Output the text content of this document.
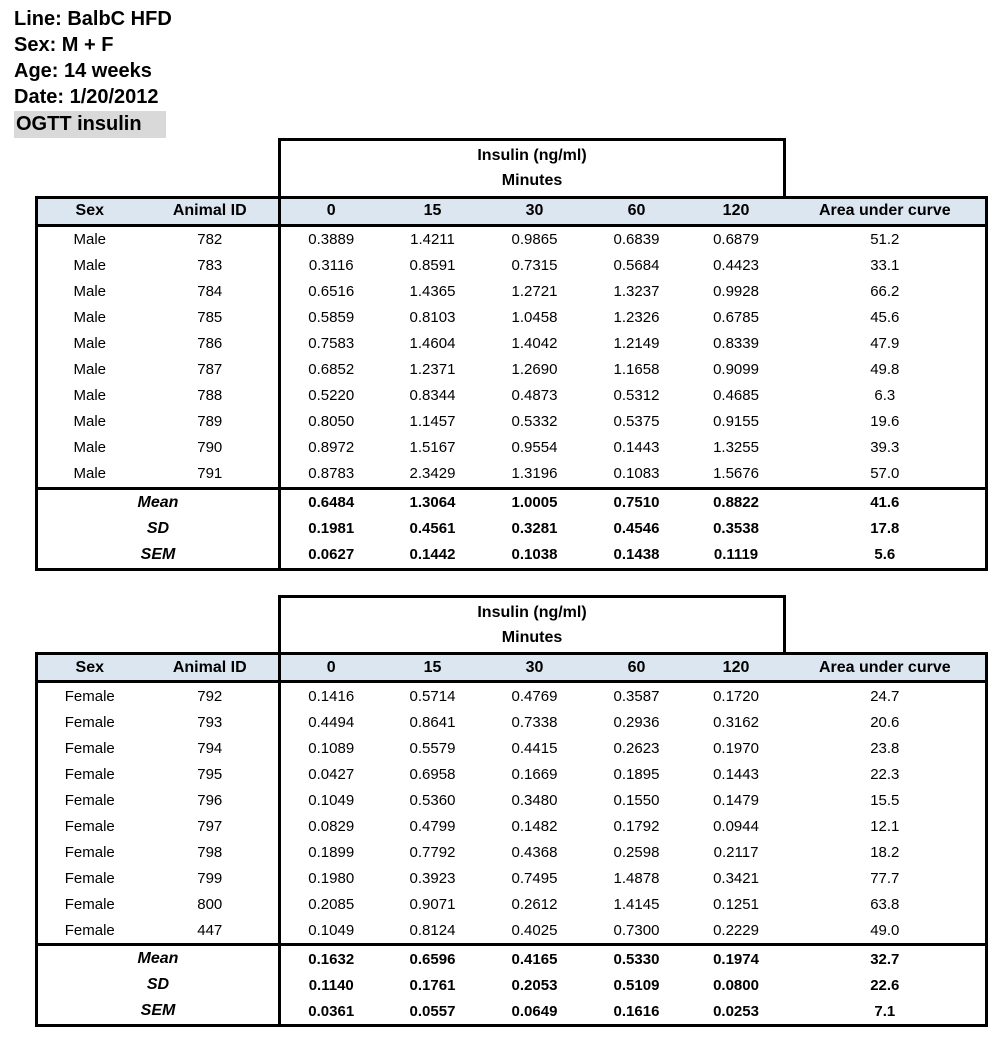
Line: BalbC HFD
Sex: M + F
Age: 14 weeks
Date: 1/20/2012
OGTT insulin

		Insulin (ng/ml)
Minutes					

Sex	Animal ID	0	15	30	60	120	Area under curve
Male	782	0.3889	1.4211	0.9865	0.6839	0.6879	51.2
Male	783	0.3116	0.8591	0.7315	0.5684	0.4423	33.1
Male	784	0.6516	1.4365	1.2721	1.3237	0.9928	66.2
Male	785	0.5859	0.8103	1.0458	1.2326	0.6785	45.6
Male	786	0.7583	1.4604	1.4042	1.2149	0.8339	47.9
Male	787	0.6852	1.2371	1.2690	1.1658	0.9099	49.8
Male	788	0.5220	0.8344	0.4873	0.5312	0.4685	6.3
Male	789	0.8050	1.1457	0.5332	0.5375	0.9155	19.6
Male	790	0.8972	1.5167	0.9554	0.1443	1.3255	39.3
Male	791	0.8783	2.3429	1.3196	0.1083	1.5676	57.0
Mean		0.6484	1.3064	1.0005	0.7510	0.8822	41.6
SD		0.1981	0.4561	0.3281	0.4546	0.3538	17.8
SEM		0.0627	0.1442	0.1038	0.1438	0.1119	5.6

		Insulin (ng/ml)
Minutes					

Sex	Animal ID	0	15	30	60	120	Area under curve
Female	792	0.1416	0.5714	0.4769	0.3587	0.1720	24.7
Female	793	0.4494	0.8641	0.7338	0.2936	0.3162	20.6
Female	794	0.1089	0.5579	0.4415	0.2623	0.1970	23.8
Female	795	0.0427	0.6958	0.1669	0.1895	0.1443	22.3
Female	796	0.1049	0.5360	0.3480	0.1550	0.1479	15.5
Female	797	0.0829	0.4799	0.1482	0.1792	0.0944	12.1
Female	798	0.1899	0.7792	0.4368	0.2598	0.2117	18.2
Female	799	0.1980	0.3923	0.7495	1.4878	0.3421	77.7
Female	800	0.2085	0.9071	0.2612	1.4145	0.1251	63.8
Female	447	0.1049	0.8124	0.4025	0.7300	0.2229	49.0
Mean		0.1632	0.6596	0.4165	0.5330	0.1974	32.7
SD		0.1140	0.1761	0.2053	0.5109	0.0800	22.6
SEM		0.0361	0.0557	0.0649	0.1616	0.0253	7.1
